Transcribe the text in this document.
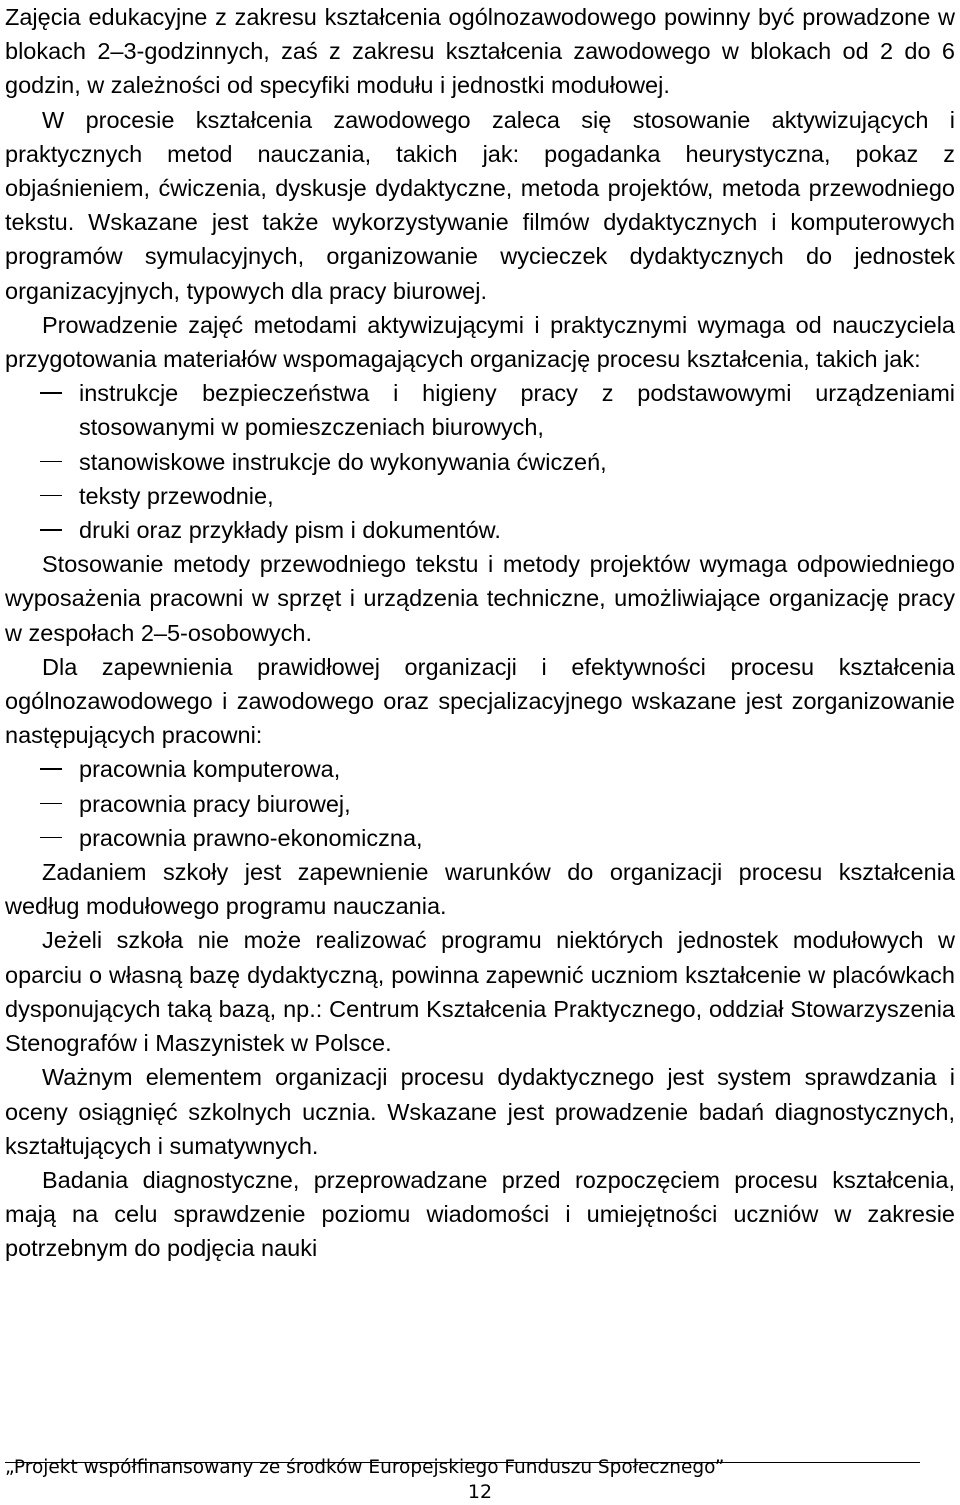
Zajęcia edukacyjne z zakresu kształcenia ogólnozawodowego powinny być prowadzone w blokach 2–3-godzinnych, zaś z zakresu kształcenia zawodowego w blokach od 2 do 6 godzin, w zależności od specyfiki modułu i jednostki modułowej.

W procesie kształcenia zawodowego zaleca się stosowanie aktywizujących i praktycznych metod nauczania, takich jak: pogadanka heurystyczna, pokaz z objaśnieniem, ćwiczenia, dyskusje dydaktyczne, metoda projektów, metoda przewodniego tekstu. Wskazane jest także wykorzystywanie filmów dydaktycznych i komputerowych programów symulacyjnych, organizowanie wycieczek dydaktycznych do jednostek organizacyjnych, typowych dla pracy biurowej.

Prowadzenie zajęć metodami aktywizującymi i praktycznymi wymaga od nauczyciela przygotowania materiałów wspomagających organizację procesu kształcenia, takich jak:

instrukcje bezpieczeństwa i higieny pracy z podstawowymi urządzeniami stosowanymi w pomieszczeniach biurowych,
stanowiskowe instrukcje do wykonywania ćwiczeń,
teksty przewodnie,
druki oraz przykłady pism i dokumentów.

Stosowanie metody przewodniego tekstu i metody projektów wymaga odpowiedniego wyposażenia pracowni w sprzęt i urządzenia techniczne, umożliwiające organizację pracy w zespołach 2–5-osobowych.

Dla zapewnienia prawidłowej organizacji i efektywności procesu kształcenia ogólnozawodowego i zawodowego oraz specjalizacyjnego wskazane jest zorganizowanie następujących pracowni:

pracownia komputerowa,
pracownia pracy biurowej,
pracownia prawno-ekonomiczna,

Zadaniem szkoły jest zapewnienie warunków do organizacji procesu kształcenia według modułowego programu nauczania.

Jeżeli szkoła nie może realizować programu niektórych jednostek modułowych w oparciu o własną bazę dydaktyczną, powinna zapewnić uczniom kształcenie w placówkach dysponujących taką bazą, np.: Centrum Kształcenia Praktycznego, oddział Stowarzyszenia Stenografów i Maszynistek w Polsce.

Ważnym elementem organizacji procesu dydaktycznego jest system sprawdzania i oceny osiągnięć szkolnych ucznia. Wskazane jest prowadzenie badań diagnostycznych, kształtujących i sumatywnych.

Badania diagnostyczne, przeprowadzane przed rozpoczęciem procesu kształcenia, mają na celu sprawdzenie poziomu wiadomości i umiejętności uczniów w zakresie potrzebnym do podjęcia nauki

„Projekt współfinansowany ze środków Europejskiego Funduszu Społecznego”
12
